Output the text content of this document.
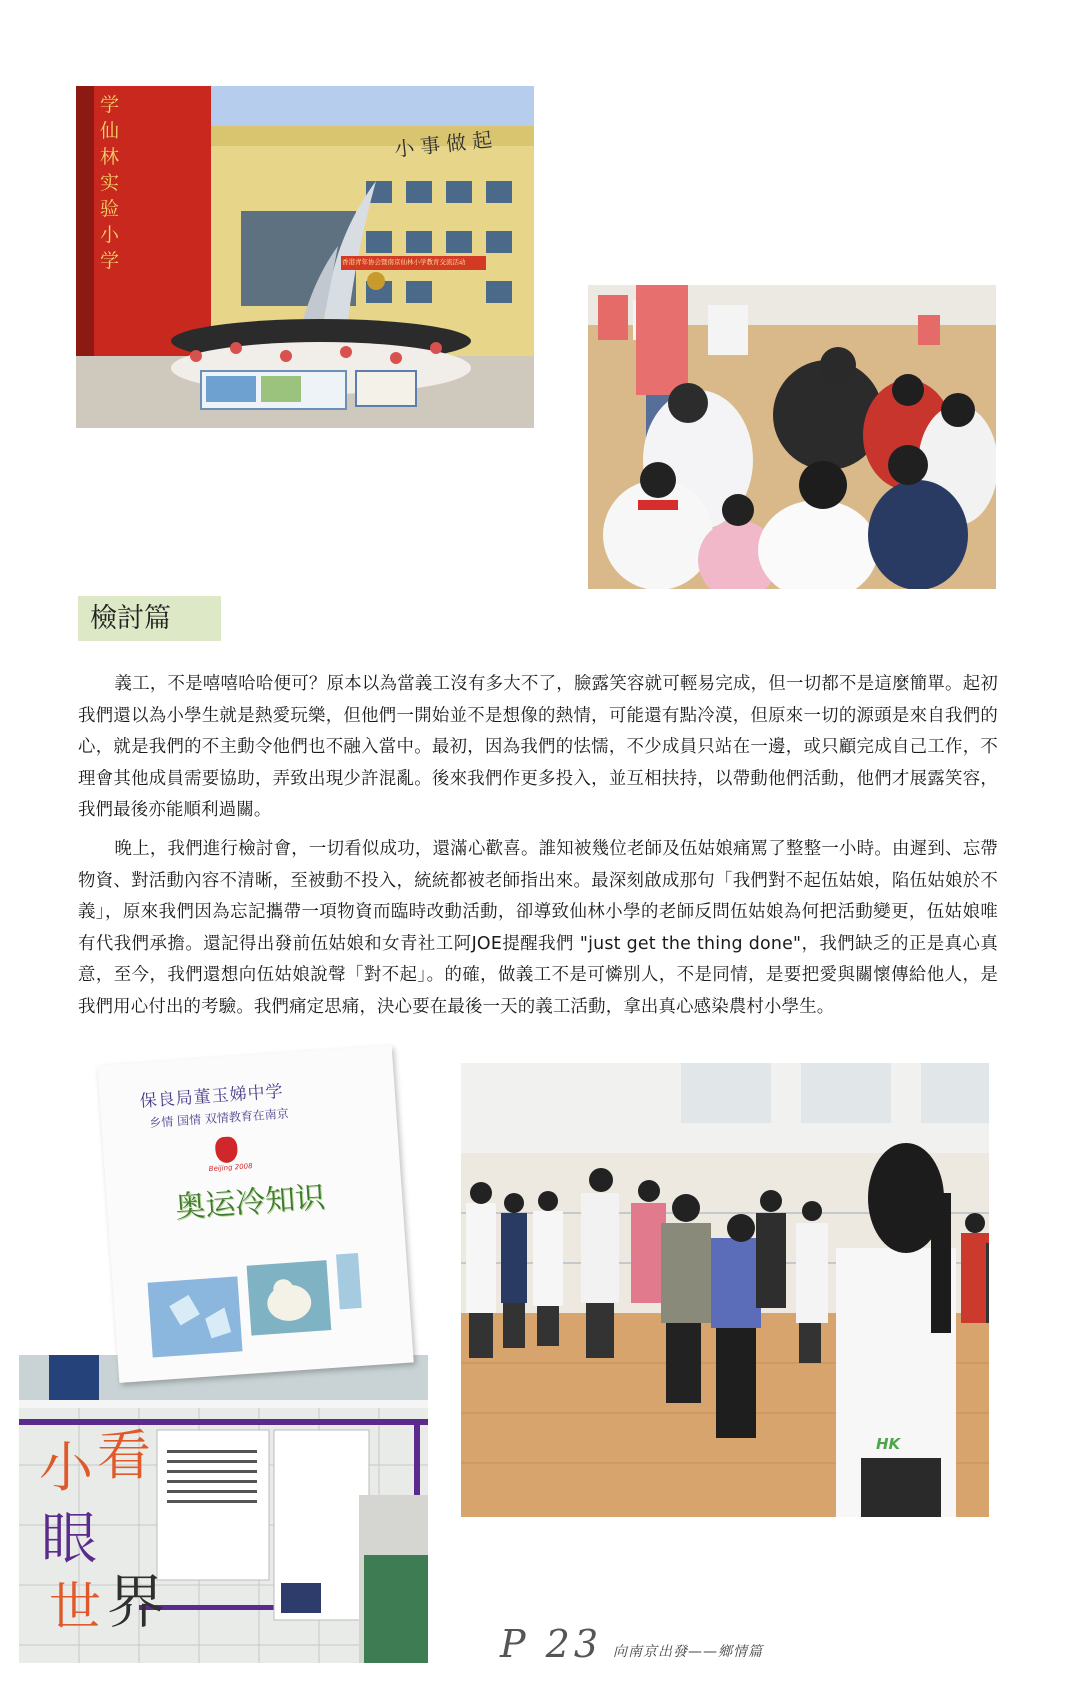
学仙林实验小学
小事做起
香港青年协会暨南京仙林小学教育交流活动
檢討篇

義工，不是嘻嘻哈哈便可？原本以為當義工沒有多大不了，臉露笑容就可輕易完成，但一切都不是這麼簡單。起初我們還以為小學生就是熱愛玩樂，但他們一開始並不是想像的熱情，可能還有點冷漠，但原來一切的源頭是來自我們的心，就是我們的不主動令他們也不融入當中。最初，因為我們的怯懦，不少成員只站在一邊，或只顧完成自己工作，不理會其他成員需要協助，弄致出現少許混亂。後來我們作更多投入，並互相扶持，以帶動他們活動，他們才展露笑容，我們最後亦能順利過關。

晚上，我們進行檢討會，一切看似成功，還滿心歡喜。誰知被幾位老師及伍姑娘痛罵了整整一小時。由遲到、忘帶物資、對活動內容不清晰，至被動不投入，統統都被老師指出來。最深刻啟成那句「我們對不起伍姑娘，陷伍姑娘於不義」，原來我們因為忘記攜帶一項物資而臨時改動活動，卻導致仙林小學的老師反問伍姑娘為何把活動變更，伍姑娘唯有代我們承擔。還記得出發前伍姑娘和女青社工阿JOE提醒我們 "just get the thing done"，我們缺乏的正是真心真意，至今，我們還想向伍姑娘說聲「對不起」。的確，做義工不是可憐別人，不是同情，是要把愛與關懷傳給他人，是我們用心付出的考驗。我們痛定思痛，決心要在最後一天的義工活動，拿出真心感染農村小學生。

小 看
眼
世 界
保良局董玉娣中学
乡情 国情 双情教育在南京
Beijing 2008
奥运冷知识
HK
P 23 向南京出發——鄉情篇
